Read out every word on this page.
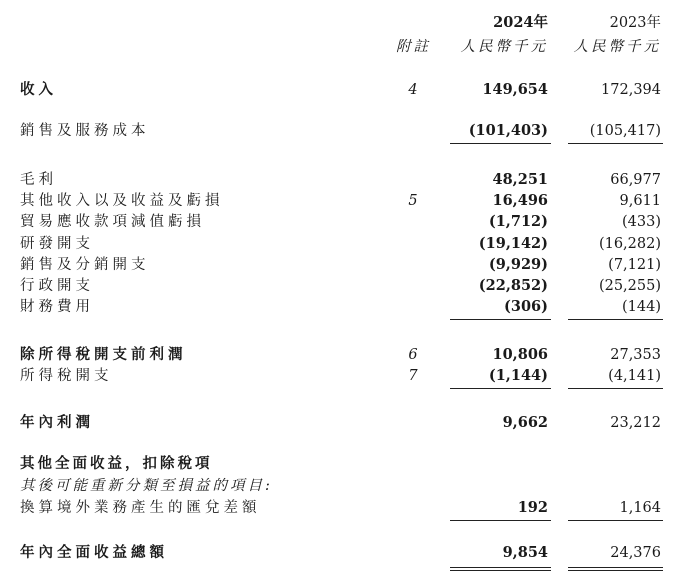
2024年	2023年
附註	人民幣千元	人民幣千元
收入	4	149,654	172,394
銷售及服務成本	(101,403)	(105,417)
毛利	48,251	66,977
其他收入以及收益及虧損	5	16,496	9,611
貿易應收款項減值虧損	(1,712)	(433)
研發開支	(19,142)	(16,282)
銷售及分銷開支	(9,929)	(7,121)
行政開支	(22,852)	(25,255)
財務費用	(306)	(144)
除所得稅開支前利潤	6	10,806	27,353
所得稅開支	7	(1,144)	(4,141)
年內利潤	9,662	23,212
其他全面收益，扣除稅項
其後可能重新分類至損益的項目:
換算境外業務產生的匯兌差額	192	1,164
年內全面收益總額	9,854	24,376
